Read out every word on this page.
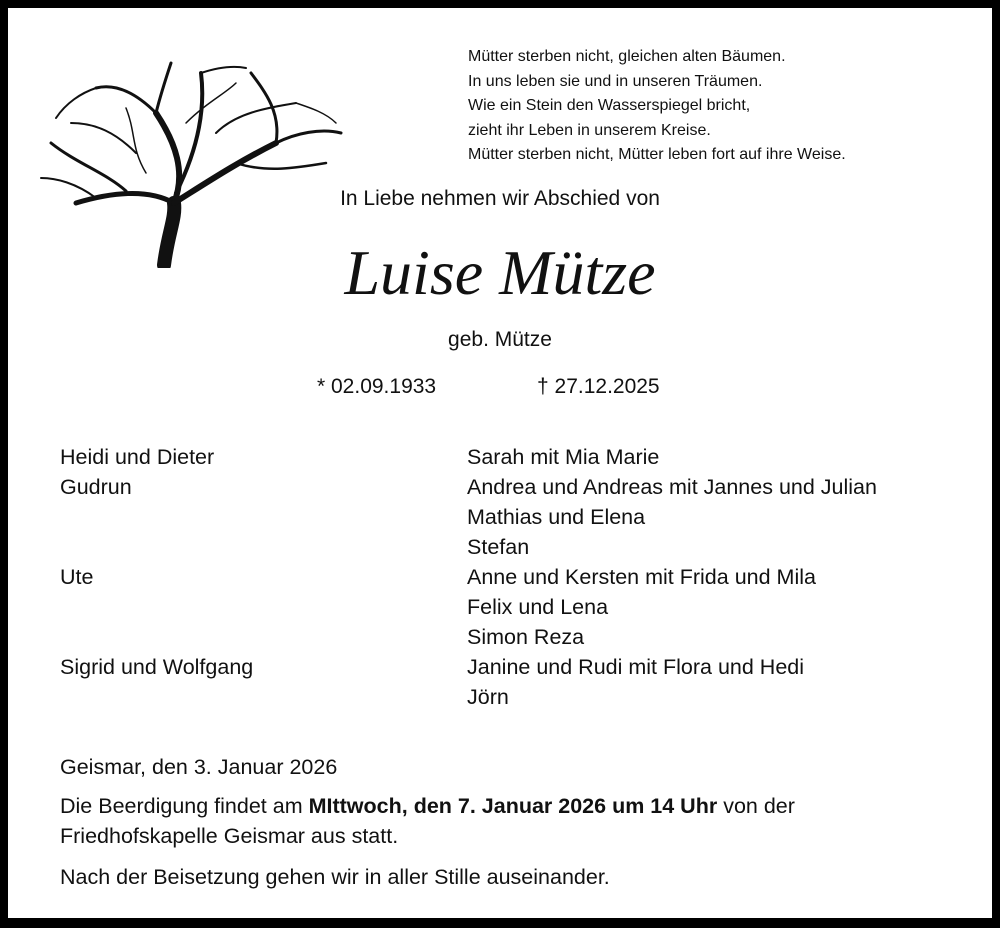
Mütter sterben nicht, gleichen alten Bäumen.
In uns leben sie und in unseren Träumen.
Wie ein Stein den Wasserspiegel bricht,
zieht ihr Leben in unserem Kreise.
Mütter sterben nicht, Mütter leben fort auf ihre Weise.
In Liebe nehmen wir Abschied von
Luise Mütze
geb. Mütze
* 02.09.1933	† 27.12.2025
Heidi und Dieter
Gudrun
Ute
Sigrid und Wolfgang
Sarah mit Mia Marie
Andrea und Andreas mit Jannes und Julian
Mathias und Elena
Stefan
Anne und Kersten mit Frida und Mila
Felix und Lena
Simon Reza
Janine und Rudi mit Flora und Hedi
Jörn
Geismar, den 3. Januar 2026
Die Beerdigung findet am MIttwoch, den 7. Januar 2026 um 14 Uhr von der
Friedhofskapelle Geismar aus statt.
Nach der Beisetzung gehen wir in aller Stille auseinander.
